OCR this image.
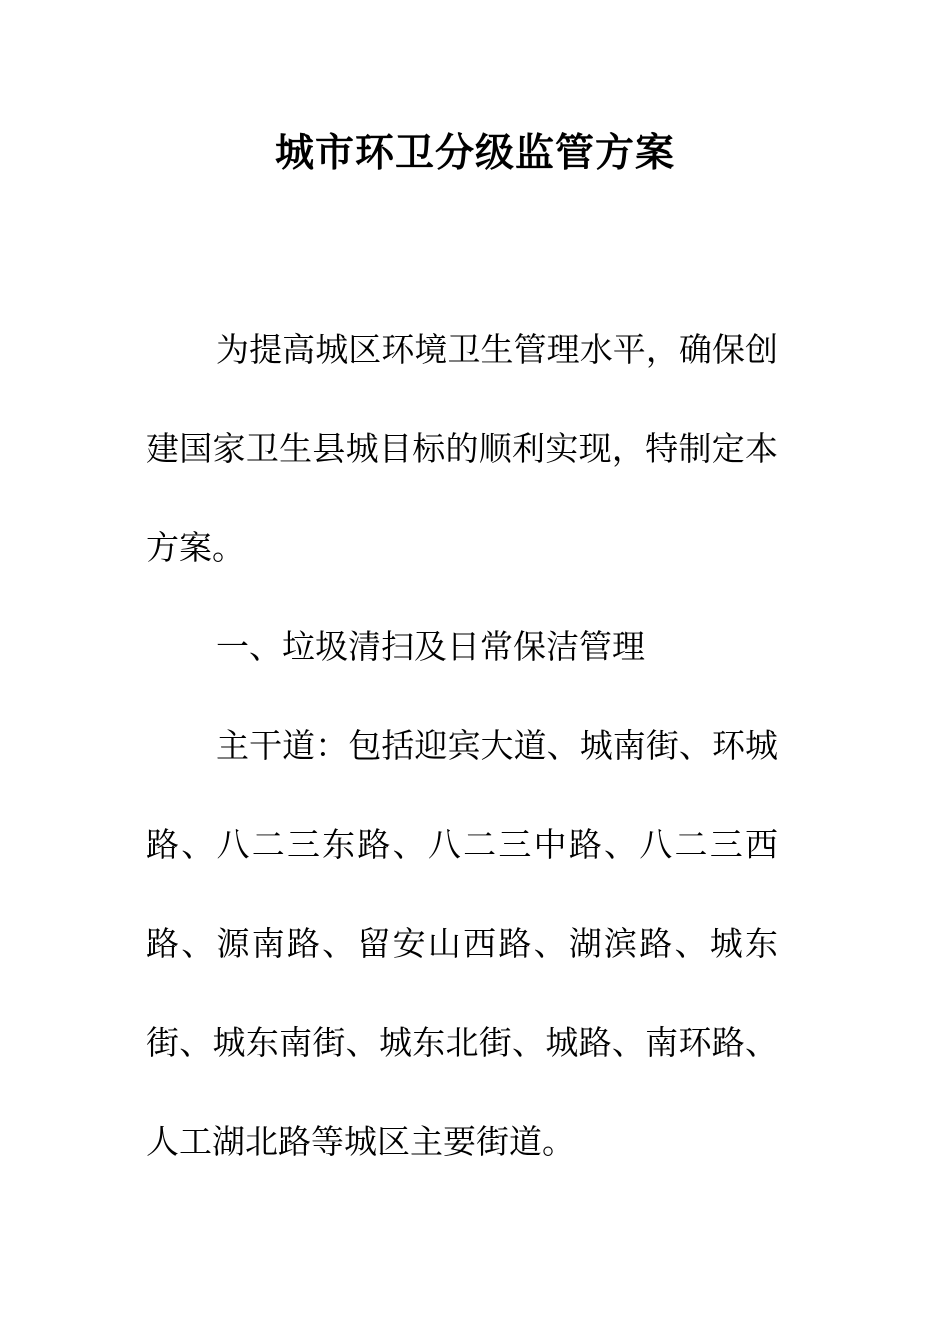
城市环卫分级监管方案

为提高城区环境卫生管理水平，确保创建国家卫生县城目标的顺利实现，特制定本方案。

一、垃圾清扫及日常保洁管理

主干道：包括迎宾大道、城南街、环城路、八二三东路、八二三中路、八二三西路、源南路、留安山西路、湖滨路、城东街、城东南街、城东北街、城路、南环路、人工湖北路等城区主要街道。
